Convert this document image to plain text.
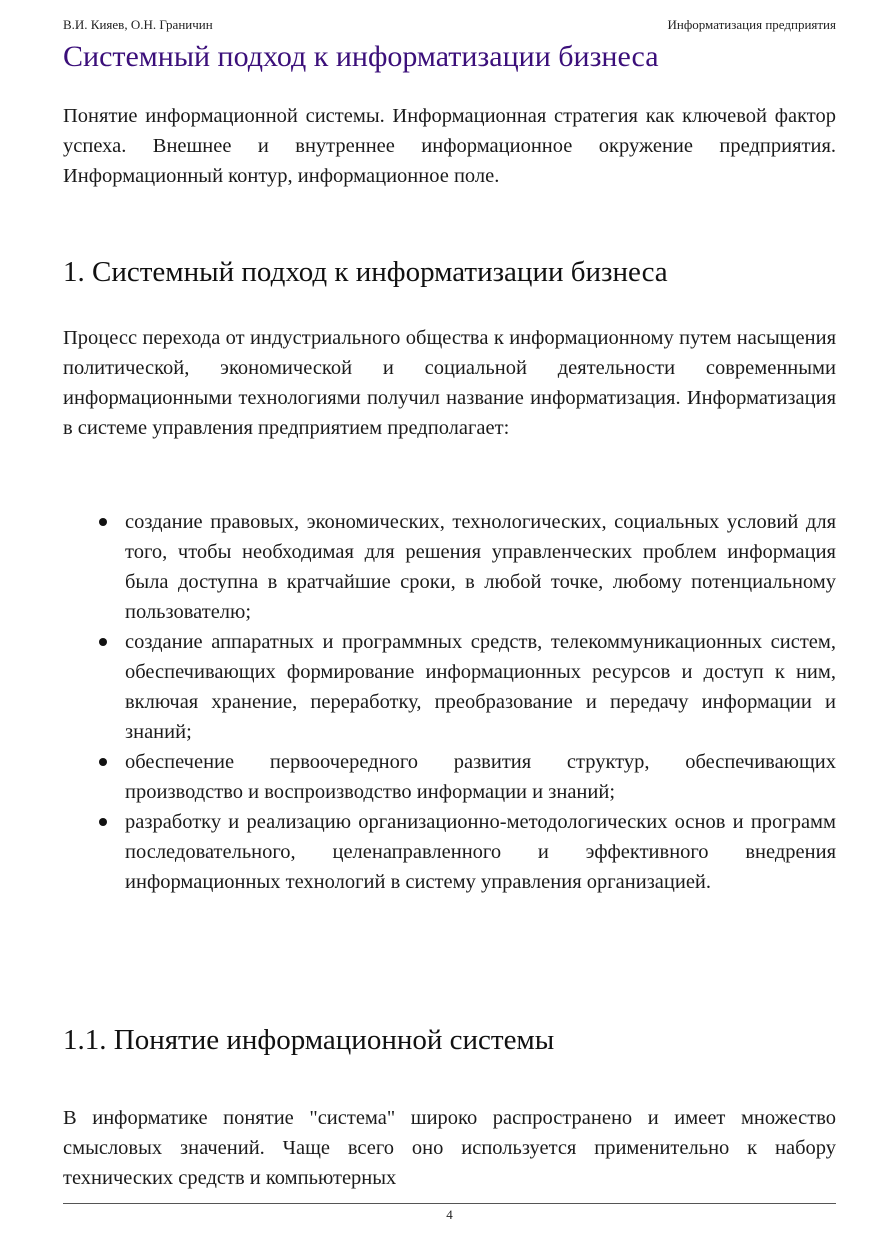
В.И. Кияев, О.Н. Граничин	Информатизация предприятия
Системный подход к информатизации бизнеса

Понятие информационной системы. Информационная стратегия как ключевой фактор успеха. Внешнее и внутреннее информационное окружение предприятия. Информационный контур, информационное поле.

1. Системный подход к информатизации бизнеса

Процесс перехода от индустриального общества к информационному путем насыщения политической, экономической и социальной деятельности современными информационными технологиями получил название информатизация. Информатизация в системе управления предприятием предполагает:

создание правовых, экономических, технологических, социальных условий для того, чтобы необходимая для решения управленческих проблем информация была доступна в кратчайшие сроки, в любой точке, любому потенциальному пользователю;
создание аппаратных и программных средств, телекоммуникационных систем, обеспечивающих формирование информационных ресурсов и доступ к ним, включая хранение, переработку, преобразование и передачу информации и знаний;
обеспечение первоочередного развития структур, обеспечивающих производство и воспроизводство информации и знаний;
разработку и реализацию организационно-методологических основ и программ последовательного, целенаправленного и эффективного внедрения информационных технологий в систему управления организацией.
1.1. Понятие информационной системы

В информатике понятие "система" широко распространено и имеет множество смысловых значений. Чаще всего оно используется применительно к набору технических средств и компьютерных

4
